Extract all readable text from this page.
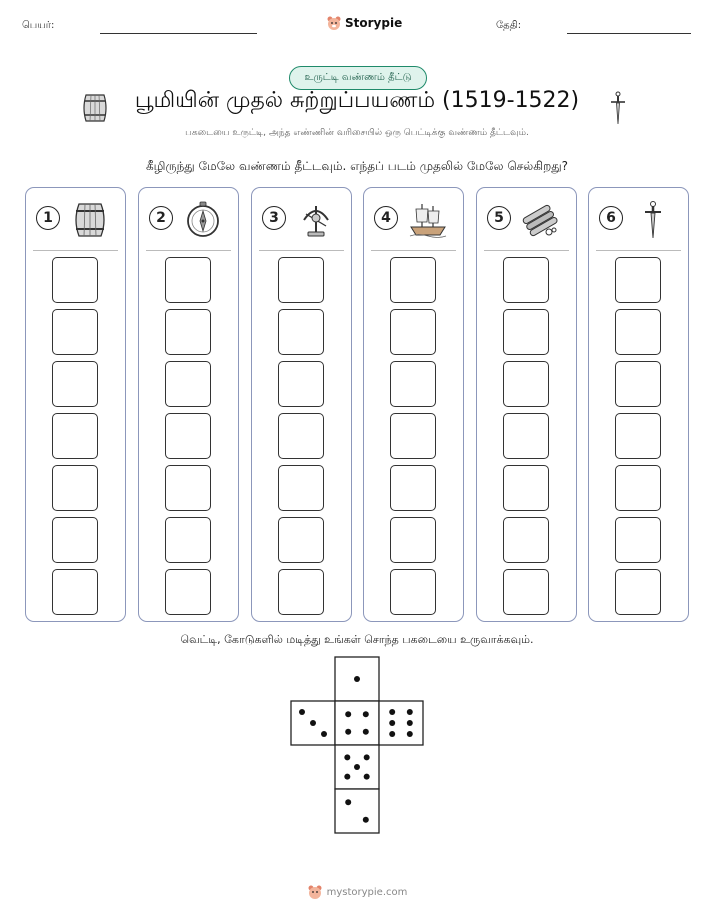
பெயர்:	Storypie	தேதி:
உருட்டி வண்ணம் தீட்டு
பூமியின் முதல் சுற்றுப்பயணம் (1519-1522)
பகடையை உருட்டி, அந்த எண்ணின் வரிசையில் ஒரு பெட்டிக்கு வண்ணம் தீட்டவும்.
கீழிருந்து மேலே வண்ணம் தீட்டவும். எந்தப் படம் முதலில் மேலே செல்கிறது?
1	2	3	4	5	6
வெட்டி, கோடுகளில் மடித்து உங்கள் சொந்த பகடையை உருவாக்கவும்.
mystorypie.com
